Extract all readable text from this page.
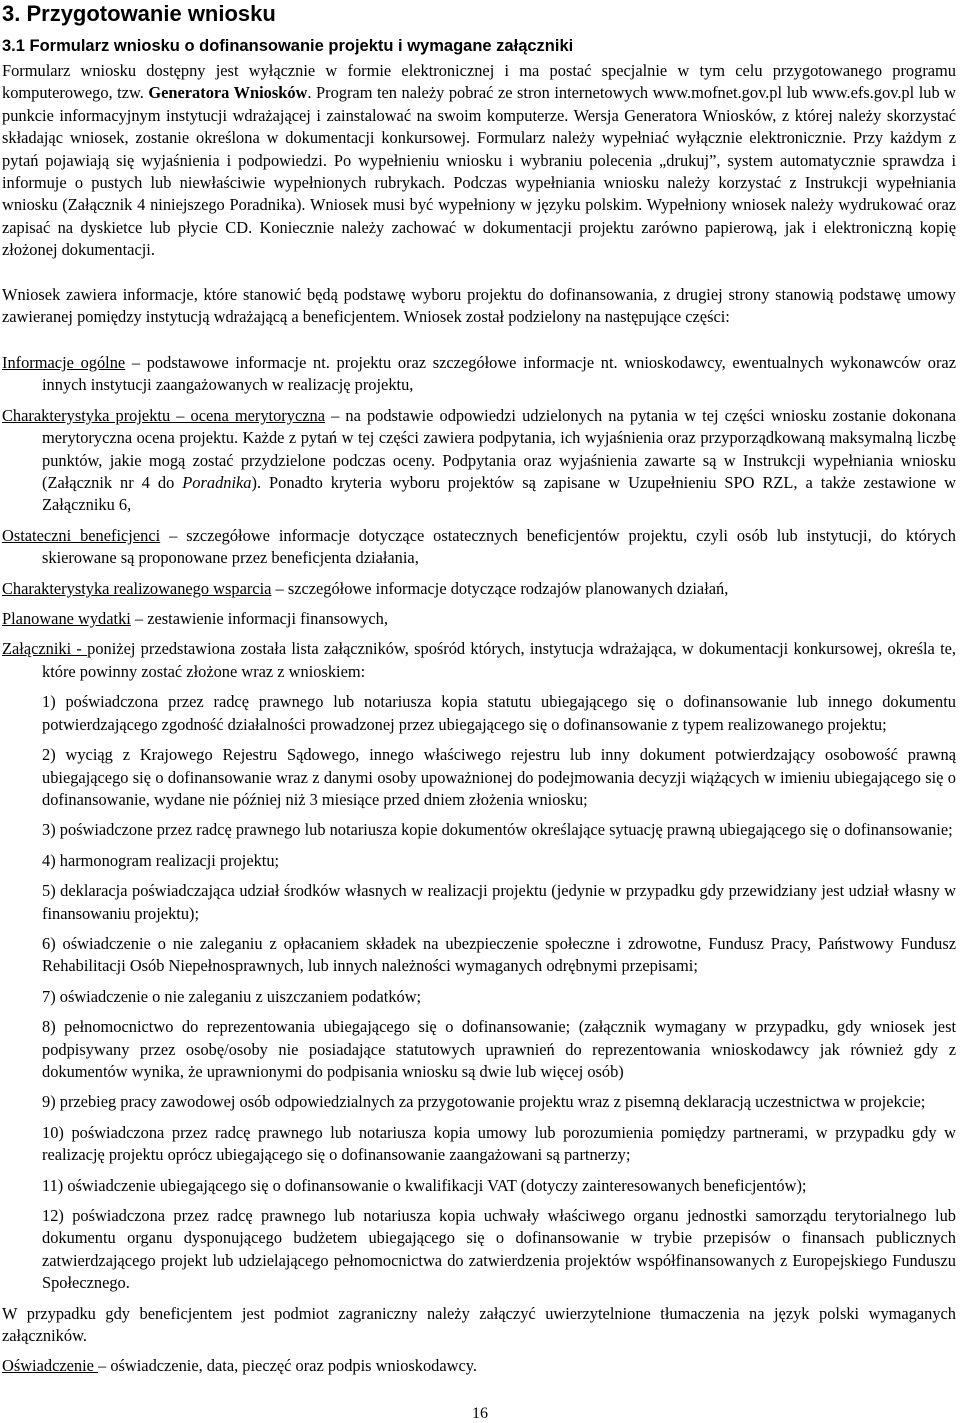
3. Przygotowanie wniosku
3.1 Formularz wniosku o dofinansowanie projektu i wymagane załączniki

Formularz wniosku dostępny jest wyłącznie w formie elektronicznej i ma postać specjalnie w tym celu przygotowanego programu komputerowego, tzw. Generatora Wniosków. Program ten należy pobrać ze stron internetowych www.mofnet.gov.pl lub www.efs.gov.pl lub w punkcie informacyjnym instytucji wdrażającej i zainstalować na swoim komputerze. Wersja Generatora Wniosków, z której należy skorzystać składając wniosek, zostanie określona w dokumentacji konkursowej. Formularz należy wypełniać wyłącznie elektronicznie. Przy każdym z pytań pojawiają się wyjaśnienia i podpowiedzi. Po wypełnieniu wniosku i wybraniu polecenia „drukuj”, system automatycznie sprawdza i informuje o pustych lub niewłaściwie wypełnionych rubrykach. Podczas wypełniania wniosku należy korzystać z Instrukcji wypełniania wniosku (Załącznik 4 niniejszego Poradnika). Wniosek musi być wypełniony w języku polskim. Wypełniony wniosek należy wydrukować oraz zapisać na dyskietce lub płycie CD. Koniecznie należy zachować w dokumentacji projektu zarówno papierową, jak i elektroniczną kopię złożonej dokumentacji.

Wniosek zawiera informacje, które stanowić będą podstawę wyboru projektu do dofinansowania, z drugiej strony stanowią podstawę umowy zawieranej pomiędzy instytucją wdrażającą a beneficjentem. Wniosek został podzielony na następujące części:

Informacje ogólne – podstawowe informacje nt. projektu oraz szczegółowe informacje nt. wnioskodawcy, ewentualnych wykonawców oraz innych instytucji zaangażowanych w realizację projektu,

Charakterystyka projektu – ocena merytoryczna – na podstawie odpowiedzi udzielonych na pytania w tej części wniosku zostanie dokonana merytoryczna ocena projektu. Każde z pytań w tej części zawiera podpytania, ich wyjaśnienia oraz przyporządkowaną maksymalną liczbę punktów, jakie mogą zostać przydzielone podczas oceny. Podpytania oraz wyjaśnienia zawarte są w Instrukcji wypełniania wniosku (Załącznik nr 4 do Poradnika). Ponadto kryteria wyboru projektów są zapisane w Uzupełnieniu SPO RZL, a także zestawione w Załączniku 6,

Ostateczni beneficjenci – szczegółowe informacje dotyczące ostatecznych beneficjentów projektu, czyli osób lub instytucji, do których skierowane są proponowane przez beneficjenta działania,

Charakterystyka realizowanego wsparcia – szczegółowe informacje dotyczące rodzajów planowanych działań,

Planowane wydatki – zestawienie informacji finansowych,

Załączniki - poniżej przedstawiona została lista załączników, spośród których, instytucja wdrażająca, w dokumentacji konkursowej, określa te, które powinny zostać złożone wraz z wnioskiem:

1) poświadczona przez radcę prawnego lub notariusza kopia statutu ubiegającego się o dofinansowanie lub innego dokumentu potwierdzającego zgodność działalności prowadzonej przez ubiegającego się o dofinansowanie z typem realizowanego projektu;
2) wyciąg z Krajowego Rejestru Sądowego, innego właściwego rejestru lub inny dokument potwierdzający osobowość prawną ubiegającego się o dofinansowanie wraz z danymi osoby upoważnionej do podejmowania decyzji wiążących w imieniu ubiegającego się o dofinansowanie, wydane nie później niż 3 miesiące przed dniem złożenia wniosku;
3) poświadczone przez radcę prawnego lub notariusza kopie dokumentów określające sytuację prawną ubiegającego się o dofinansowanie;
4) harmonogram realizacji projektu;
5) deklaracja poświadczająca udział środków własnych w realizacji projektu (jedynie w przypadku gdy przewidziany jest udział własny w finansowaniu projektu);
6) oświadczenie o nie zaleganiu z opłacaniem składek na ubezpieczenie społeczne i zdrowotne, Fundusz Pracy, Państwowy Fundusz Rehabilitacji Osób Niepełnosprawnych, lub innych należności wymaganych odrębnymi przepisami;
7) oświadczenie o nie zaleganiu z uiszczaniem podatków;
8) pełnomocnictwo do reprezentowania ubiegającego się o dofinansowanie; (załącznik wymagany w przypadku, gdy wniosek jest podpisywany przez osobę/osoby nie posiadające statutowych uprawnień do reprezentowania wnioskodawcy jak również gdy z dokumentów wynika, że uprawnionymi do podpisania wniosku są dwie lub więcej osób)
9) przebieg pracy zawodowej osób odpowiedzialnych za przygotowanie projektu wraz z pisemną deklaracją uczestnictwa w projekcie;
10) poświadczona przez radcę prawnego lub notariusza kopia umowy lub porozumienia pomiędzy partnerami, w przypadku gdy w realizację projektu oprócz ubiegającego się o dofinansowanie zaangażowani są partnerzy;
11) oświadczenie ubiegającego się o dofinansowanie o kwalifikacji VAT (dotyczy zainteresowanych beneficjentów);
12) poświadczona przez radcę prawnego lub notariusza kopia uchwały właściwego organu jednostki samorządu terytorialnego lub dokumentu organu dysponującego budżetem ubiegającego się o dofinansowanie w trybie przepisów o finansach publicznych zatwierdzającego projekt lub udzielającego pełnomocnictwa do zatwierdzenia projektów współfinansowanych z Europejskiego Funduszu Społecznego.

W przypadku gdy beneficjentem jest podmiot zagraniczny należy załączyć uwierzytelnione tłumaczenia na język polski wymaganych załączników.

Oświadczenie – oświadczenie, data, pieczęć oraz podpis wnioskodawcy.

16
